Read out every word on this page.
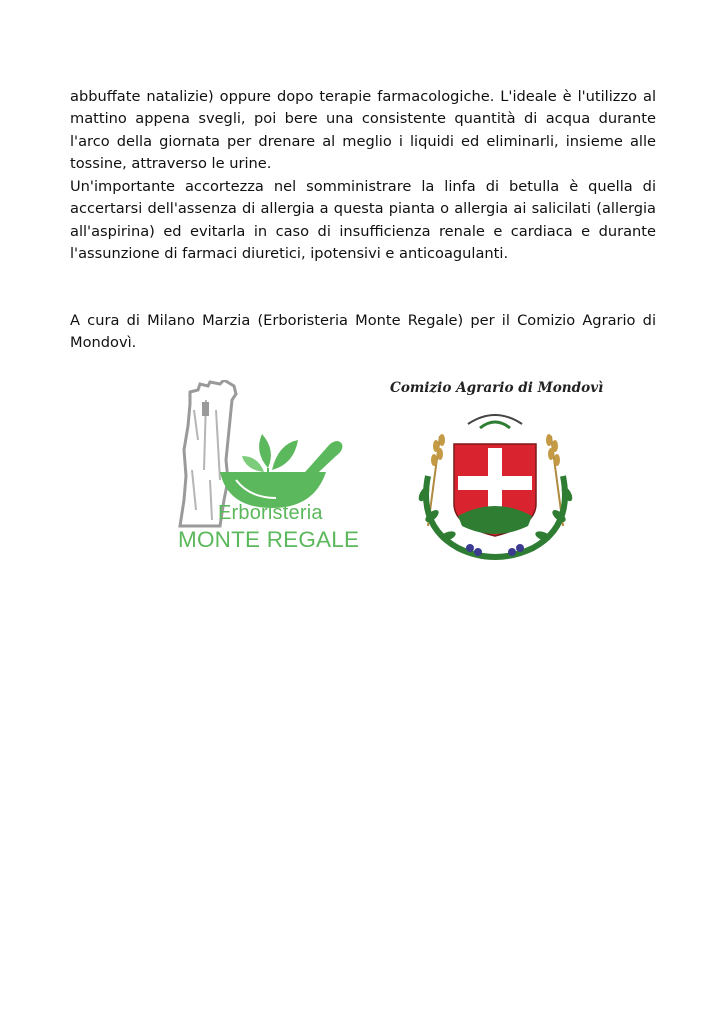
abbuffate natalizie) oppure dopo terapie farmacologiche. L'ideale è l'utilizzo al mattino appena svegli, poi bere una consistente quantità di acqua durante l'arco della giornata per drenare al meglio i liquidi ed eliminarli, insieme alle tossine, attraverso le urine.

Un'importante accortezza nel somministrare la linfa di betulla è quella di accertarsi dell'assenza di allergia a questa pianta o allergia ai salicilati (allergia all'aspirina) ed evitarla in caso di insufficienza renale e cardiaca e durante l'assunzione di farmaci diuretici, ipotensivi e anticoagulanti.

A cura di Milano Marzia (Erboristeria Monte Regale) per il Comizio Agrario di Mondovì.

Erboristeria
MONTE REGALE
Comizio Agrario di Mondovì
